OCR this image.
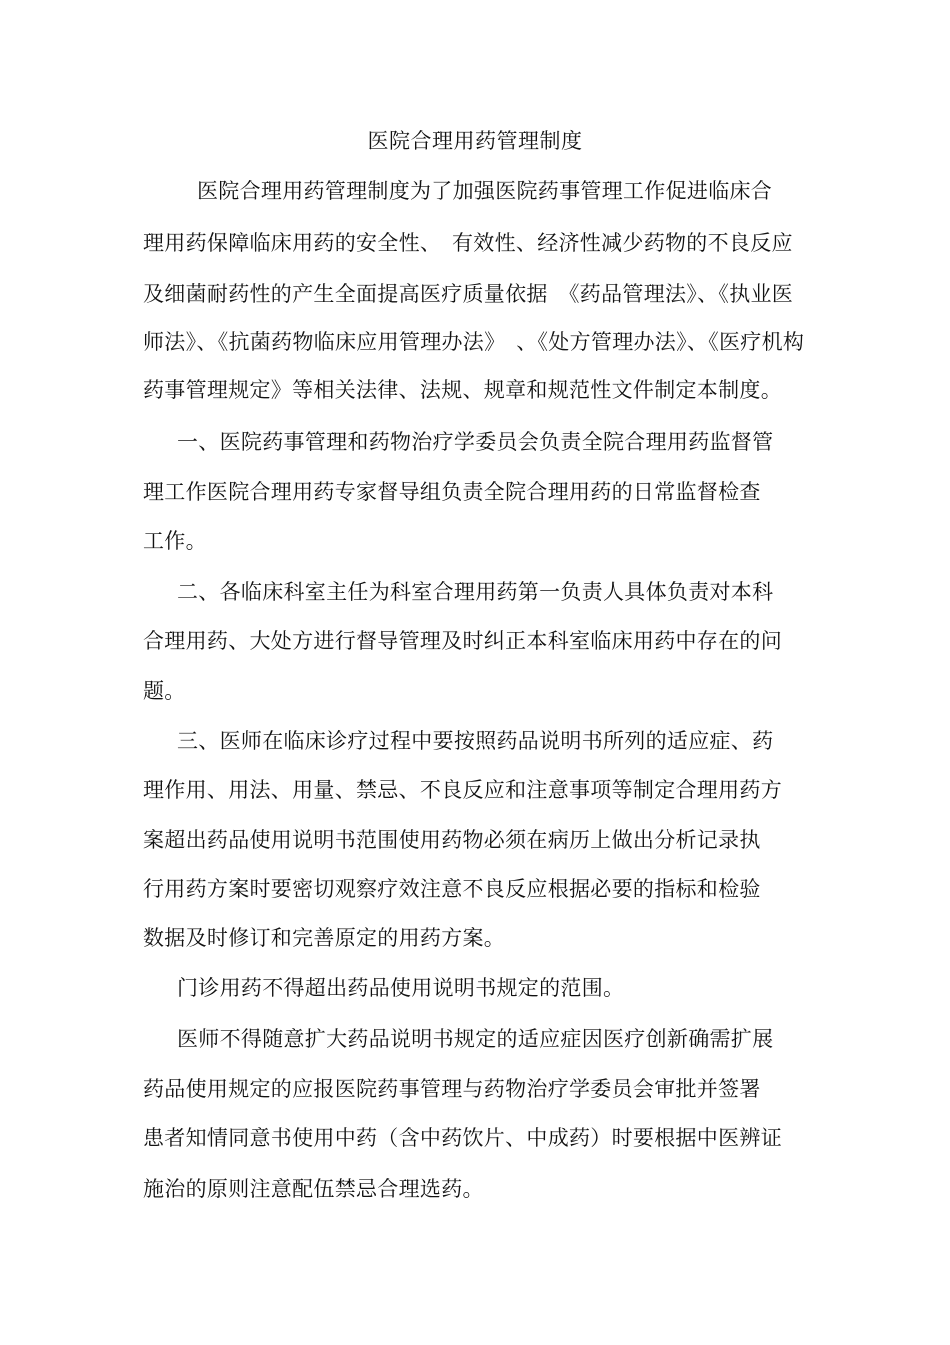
医院合理用药管理制度
医院合理用药管理制度为了加强医院药事管理工作促进临床合
理用药保障临床用药的安全性、　有效性、经济性减少药物的不良反应
及细菌耐药性的产生全面提高医疗质量依据　《药品管理法》、《执业医
师法》、《抗菌药物临床应用管理办法》　、《处方管理办法》、《医疗机构
药事管理规定》等相关法律、法规、规章和规范性文件制定本制度。
一、医院药事管理和药物治疗学委员会负责全院合理用药监督管
理工作医院合理用药专家督导组负责全院合理用药的日常监督检查
工作。
二、各临床科室主任为科室合理用药第一负责人具体负责对本科
合理用药、大处方进行督导管理及时纠正本科室临床用药中存在的问
题。
三、医师在临床诊疗过程中要按照药品说明书所列的适应症、药
理作用、用法、用量、禁忌、不良反应和注意事项等制定合理用药方
案超出药品使用说明书范围使用药物必须在病历上做出分析记录执
行用药方案时要密切观察疗效注意不良反应根据必要的指标和检验
数据及时修订和完善原定的用药方案。
门诊用药不得超出药品使用说明书规定的范围。
医师不得随意扩大药品说明书规定的适应症因医疗创新确需扩展
药品使用规定的应报医院药事管理与药物治疗学委员会审批并签署
患者知情同意书使用中药（含中药饮片、中成药）时要根据中医辨证
施治的原则注意配伍禁忌合理选药。
